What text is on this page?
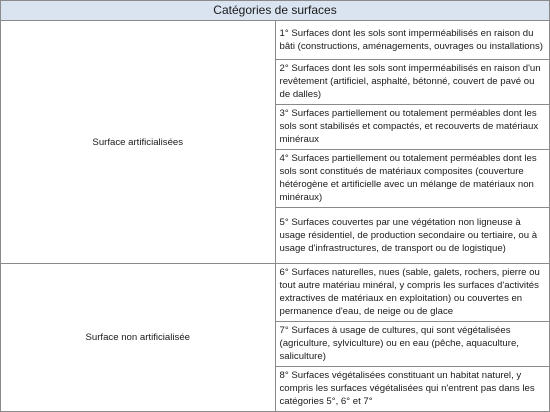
Catégories de surfaces	
Surface artificialisées	1° Surfaces dont les sols sont imperméabilisés en raison du bâti (constructions, aménagements, ouvrages ou installations)
	2° Surfaces dont les sols sont imperméabilisés en raison d'un revêtement (artificiel, asphalté, bétonné, couvert de pavé ou de dalles)
	3° Surfaces partiellement ou totalement perméables dont les sols sont stabilisés et compactés, et recouverts de matériaux minéraux
	4° Surfaces partiellement ou totalement perméables dont les sols sont constitués de matériaux composites (couverture hétérogène et artificielle avec un mélange de matériaux non minéraux)
	5° Surfaces couvertes par une végétation non ligneuse à usage résidentiel, de production secondaire ou tertiaire, ou à usage d'infrastructures, de transport ou de logistique)
Surface non artificialisée	6° Surfaces naturelles, nues (sable, galets, rochers, pierre ou tout autre matériau minéral, y compris les surfaces d'activités extractives de matériaux en exploitation) ou couvertes en permanence d'eau, de neige ou de glace
	7° Surfaces à usage de cultures, qui sont végétalisées (agriculture, sylviculture) ou en eau (pêche, aquaculture, saliculture)
	8° Surfaces végétalisées constituant un habitat naturel, y compris les surfaces végétalisées qui n'entrent pas dans les catégories 5°, 6° et 7°
